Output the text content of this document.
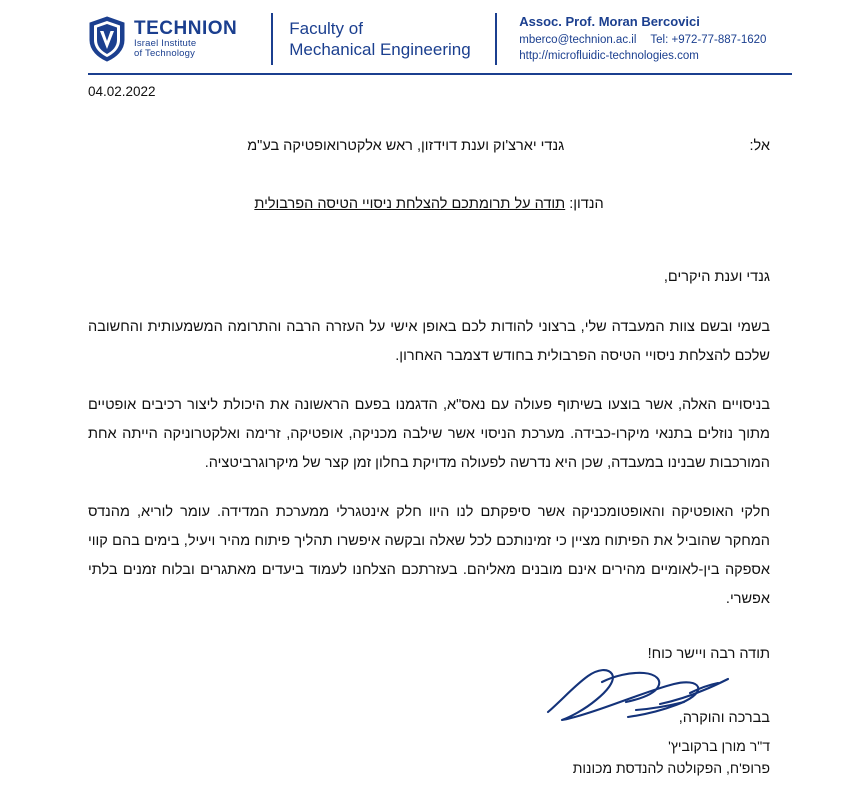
TECHNION
Israel Institute
of Technology
Faculty of
Mechanical Engineering
Assoc. Prof. Moran Bercovici
mberco@technion.ac.il Tel: +972-77-887-1620
http://microfluidic-technologies.com
04.02.2022
אל:
גנדי יארצ'וק וענת דוידזון, ראש אלקטרואופטיקה בע"מ
הנדון: תודה על תרומתכם להצלחת ניסויי הטיסה הפרבולית
גנדי וענת היקרים,

בשמי ובשם צוות המעבדה שלי, ברצוני להודות לכם באופן אישי על העזרה הרבה והתרומה המשמעותית והחשובה שלכם להצלחת ניסויי הטיסה הפרבולית בחודש דצמבר האחרון.

בניסויים האלה, אשר בוצעו בשיתוף פעולה עם נאס"א, הדגמנו בפעם הראשונה את היכולת ליצור רכיבים אופטיים מתוך נוזלים בתנאי מיקרו-כבידה. מערכת הניסוי אשר שילבה מכניקה, אופטיקה, זרימה ואלקטרוניקה הייתה אחת המורכבות שבנינו במעבדה, שכן היא נדרשה לפעולה מדויקת בחלון זמן קצר של מיקרוגרביטציה.

חלקי האופטיקה והאופטומכניקה אשר סיפקתם לנו היוו חלק אינטגרלי ממערכת המדידה. עומר לוריא, מהנדס המחקר שהוביל את הפיתוח מציין כי זמינותכם לכל שאלה ובקשה איפשרו תהליך פיתוח מהיר ויעיל, בימים בהם קווי אספקה בין-לאומיים מהירים אינם מובנים מאליהם. בעזרתכם הצלחנו לעמוד ביעדים מאתגרים ובלוח זמנים בלתי אפשרי.

תודה רבה ויישר כוח!
בברכה והוקרה,
ד"ר מורן ברקוביץ'
פרופ'ח, הפקולטה להנדסת מכונות
